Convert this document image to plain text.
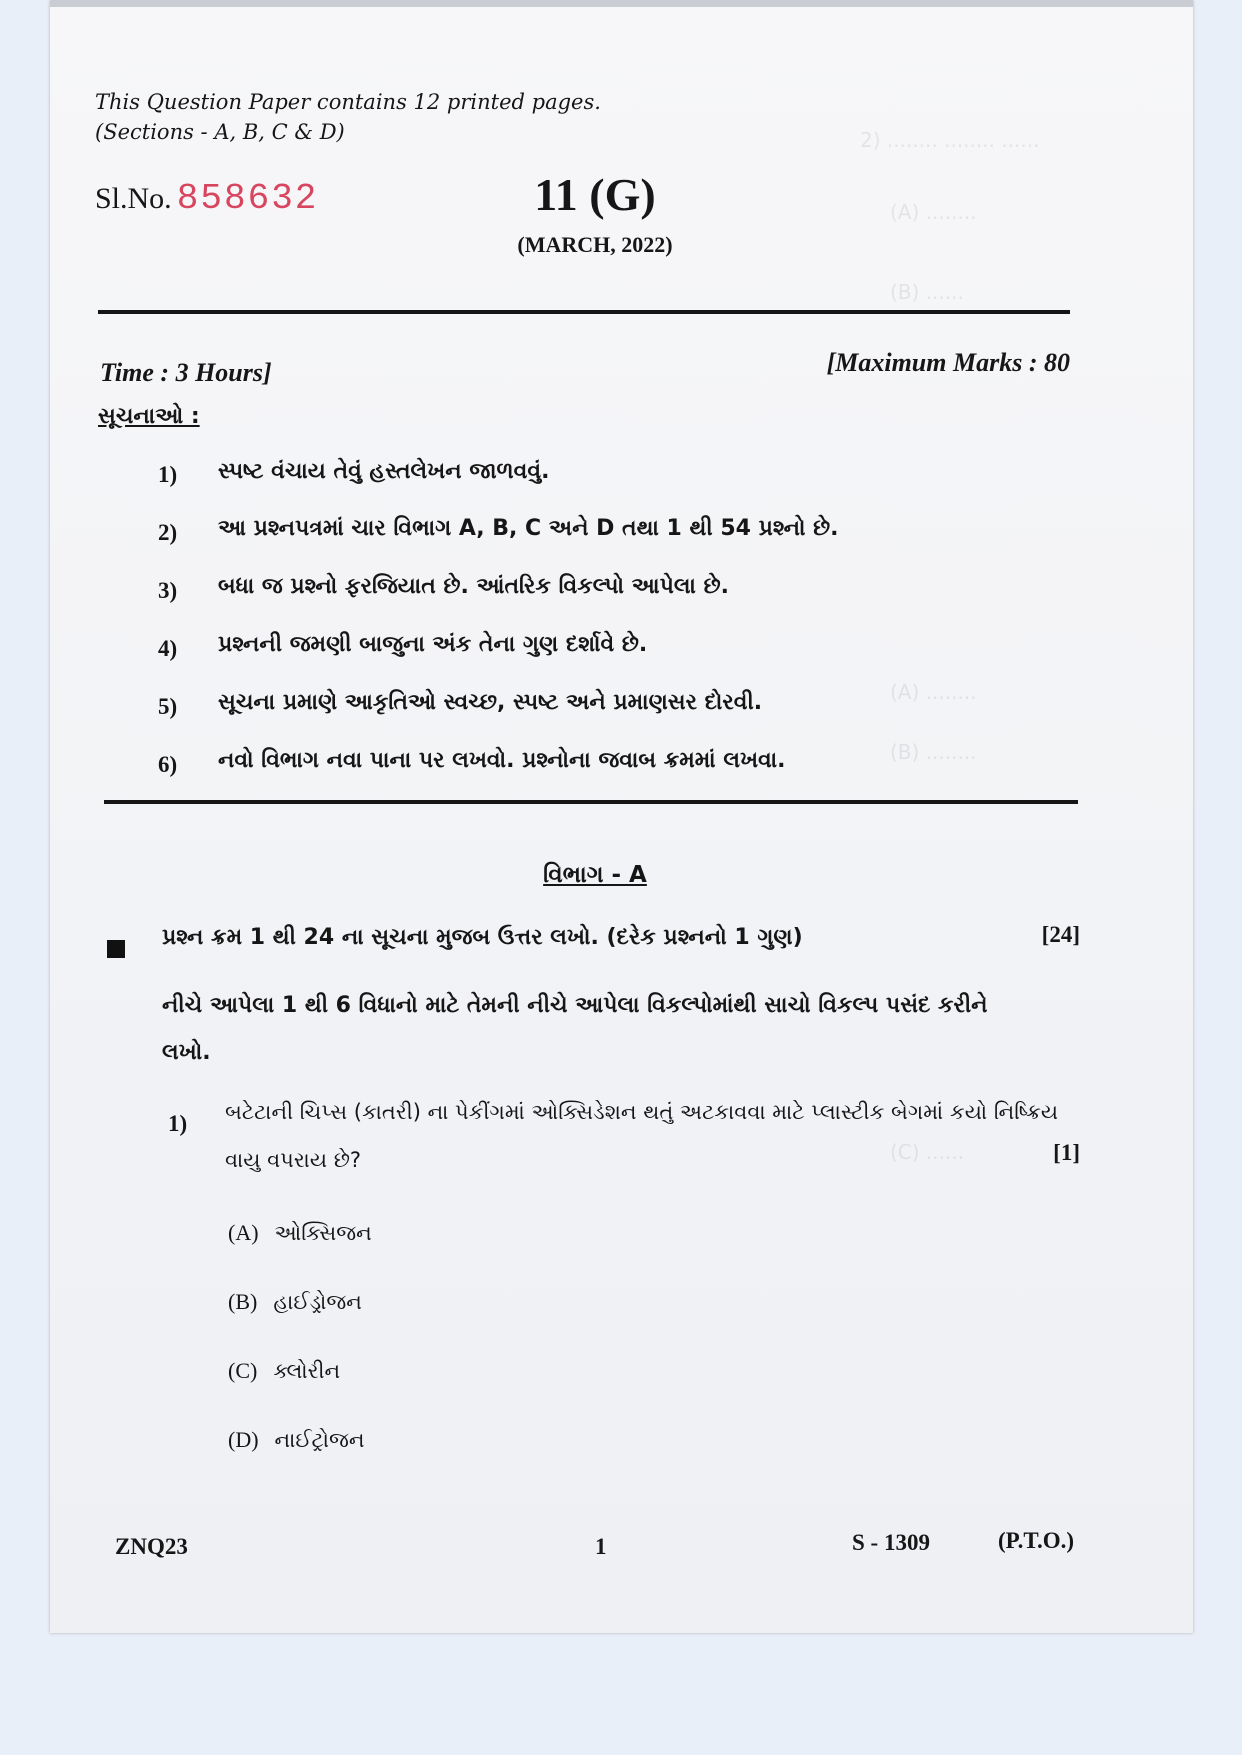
2) ........ ........ ......
(A) ........
(B) ......
(A) ........
(B) ........
(C) ......
This Question Paper contains 12 printed pages.
(Sections - A, B, C & D)
Sl.No. 858632	11 (G)
(MARCH, 2022)
Time : 3 Hours]	[Maximum Marks : 80
સૂચનાઓ :
1) સ્પષ્ટ વંચાય તેવું હસ્તલેખન જાળવવું.
2) આ પ્રશ્નપત્રમાં ચાર વિભાગ A, B, C અને D તથા 1 થી 54 પ્રશ્નો છે.
3) બધા જ પ્રશ્નો ફરજિયાત છે. આંતરિક વિકલ્પો આપેલા છે.
4) પ્રશ્નની જમણી બાજુના અંક તેના ગુણ દર્શાવે છે.
5) સૂચના પ્રમાણે આકૃતિઓ સ્વચ્છ, સ્પષ્ટ અને પ્રમાણસર દોરવી.
6) નવો વિભાગ નવા પાના પર લખવો. પ્રશ્નોના જવાબ ક્રમમાં લખવા.
વિભાગ - A
પ્રશ્ન ક્રમ 1 થી 24 ના સૂચના મુજબ ઉત્તર લખો. (દરેક પ્રશ્નનો 1 ગુણ)	[24]
નીચે આપેલા 1 થી 6 વિધાનો માટે તેમની નીચે આપેલા વિકલ્પોમાંથી સાચો વિકલ્પ પસંદ કરીને
લખો.
1) બટેટાની ચિપ્સ (કાતરી) ના પેકીંગમાં ઓક્સિડેશન થતું અટકાવવા માટે પ્લાસ્ટીક બેગમાં કયો નિષ્ક્રિય
વાયુ વપરાય છે?	[1]
(A) ઓક્સિજન
(B) હાઈડ્રોજન
(C) ક્લોરીન
(D) નાઈટ્રોજન
ZNQ23	1	S - 1309	(P.T.O.)
